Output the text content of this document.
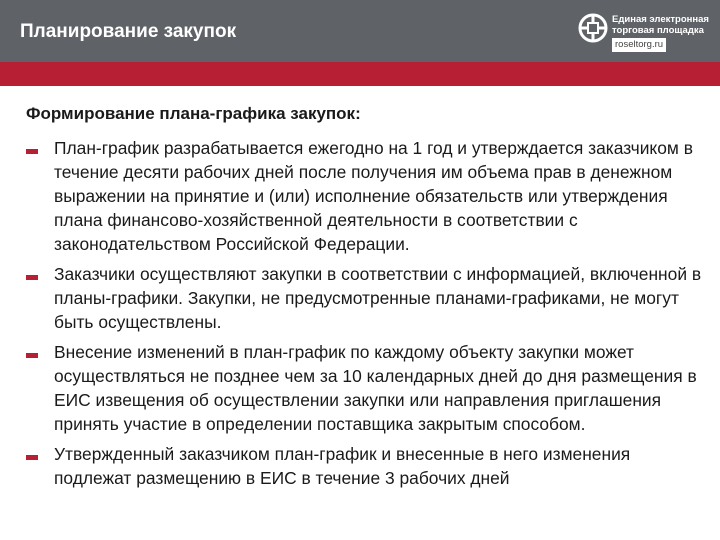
Планирование закупок
Единая электронная
торговая площадка
roseltorg.ru
Формирование плана-графика закупок:
План-график разрабатывается ежегодно на 1 год и утверждается заказчиком в течение десяти рабочих дней после получения им объема прав в денежном выражении на принятие и (или) исполнение обязательств или утверждения плана финансово-хозяйственной деятельности в соответствии с законодательством Российской Федерации.
Заказчики осуществляют закупки в соответствии с информацией, включенной в планы-графики. Закупки, не предусмотренные планами-графиками, не могут быть осуществлены.
Внесение изменений в план-график по каждому объекту закупки может осуществляться не позднее чем за 10 календарных дней до дня размещения в ЕИС извещения об осуществлении закупки или направления приглашения принять участие в определении поставщика закрытым способом.
Утвержденный заказчиком план-график и внесенные в него изменения подлежат размещению в ЕИС в течение 3 рабочих дней
